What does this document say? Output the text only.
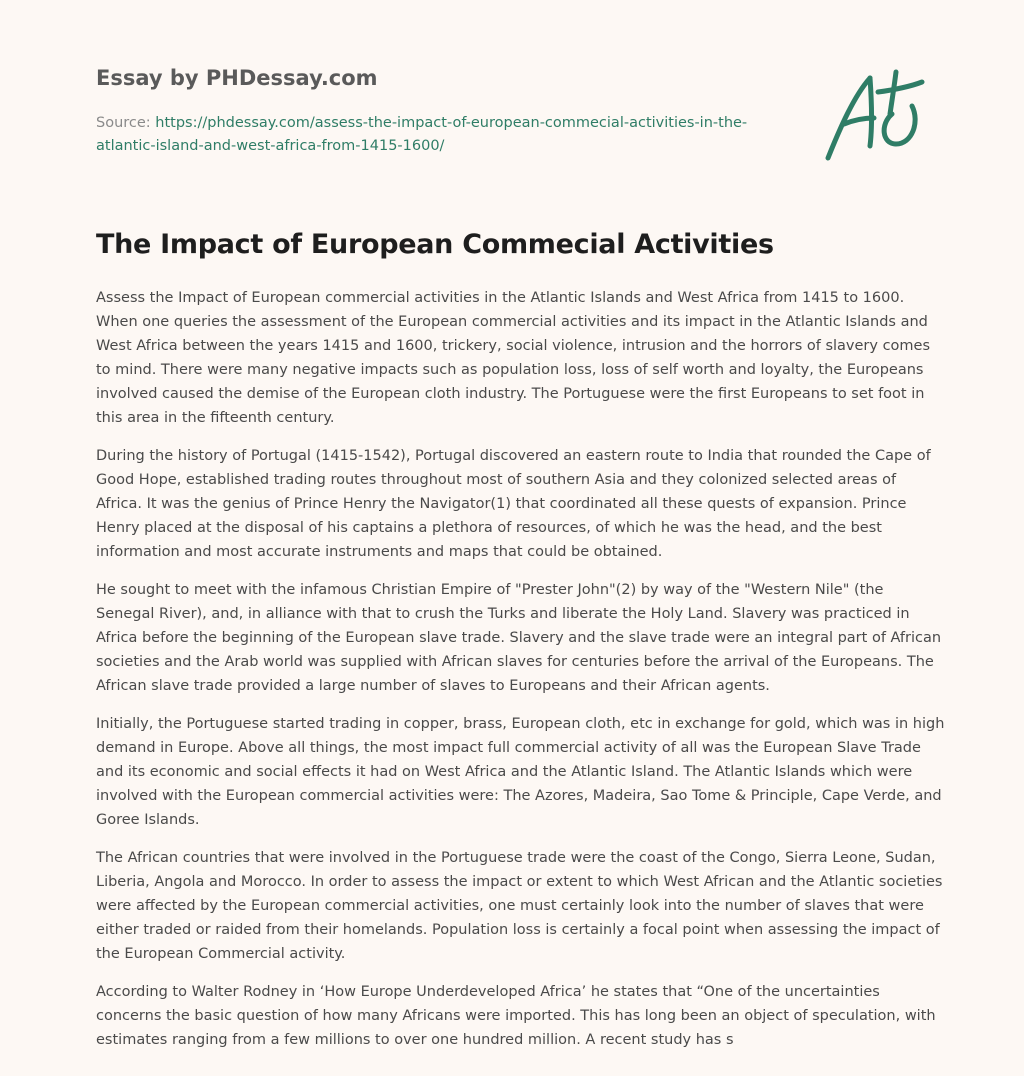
Essay by PHDessay.com
Source: https://phdessay.com/assess-the-impact-of-european-commecial-activities-in-the-atlantic-island-and-west-africa-from-1415-1600/
The Impact of European Commecial Activities

Assess the Impact of European commercial activities in the Atlantic Islands and West Africa from 1415 to 1600. When one queries the assessment of the European commercial activities and its impact in the Atlantic Islands and West Africa between the years 1415 and 1600, trickery, social violence, intrusion and the horrors of slavery comes to mind. There were many negative impacts such as population loss, loss of self worth and loyalty, the Europeans involved caused the demise of the European cloth industry. The Portuguese were the first Europeans to set foot in this area in the fifteenth century.

During the history of Portugal (1415-1542), Portugal discovered an eastern route to India that rounded the Cape of Good Hope, established trading routes throughout most of southern Asia and they colonized selected areas of Africa. It was the genius of Prince Henry the Navigator(1) that coordinated all these quests of expansion. Prince Henry placed at the disposal of his captains a plethora of resources, of which he was the head, and the best information and most accurate instruments and maps that could be obtained.

He sought to meet with the infamous Christian Empire of "Prester John"(2) by way of the "Western Nile" (the Senegal River), and, in alliance with that to crush the Turks and liberate the Holy Land. Slavery was practiced in Africa before the beginning of the European slave trade. Slavery and the slave trade were an integral part of African societies and the Arab world was supplied with African slaves for centuries before the arrival of the Europeans. The African slave trade provided a large number of slaves to Europeans and their African agents.

Initially, the Portuguese started trading in copper, brass, European cloth, etc in exchange for gold, which was in high demand in Europe. Above all things, the most impact full commercial activity of all was the European Slave Trade and its economic and social effects it had on West Africa and the Atlantic Island. The Atlantic Islands which were involved with the European commercial activities were: The Azores, Madeira, Sao Tome & Principle, Cape Verde, and Goree Islands.

The African countries that were involved in the Portuguese trade were the coast of the Congo, Sierra Leone, Sudan, Liberia, Angola and Morocco. In order to assess the impact or extent to which West African and the Atlantic societies were affected by the European commercial activities, one must certainly look into the number of slaves that were either traded or raided from their homelands. Population loss is certainly a focal point when assessing the impact of the European Commercial activity.

According to Walter Rodney in ‘How Europe Underdeveloped Africa’ he states that “One of the uncertainties concerns the basic question of how many Africans were imported. This has long been an object of speculation, with estimates ranging from a few millions to over one hundred million. A recent study has s
